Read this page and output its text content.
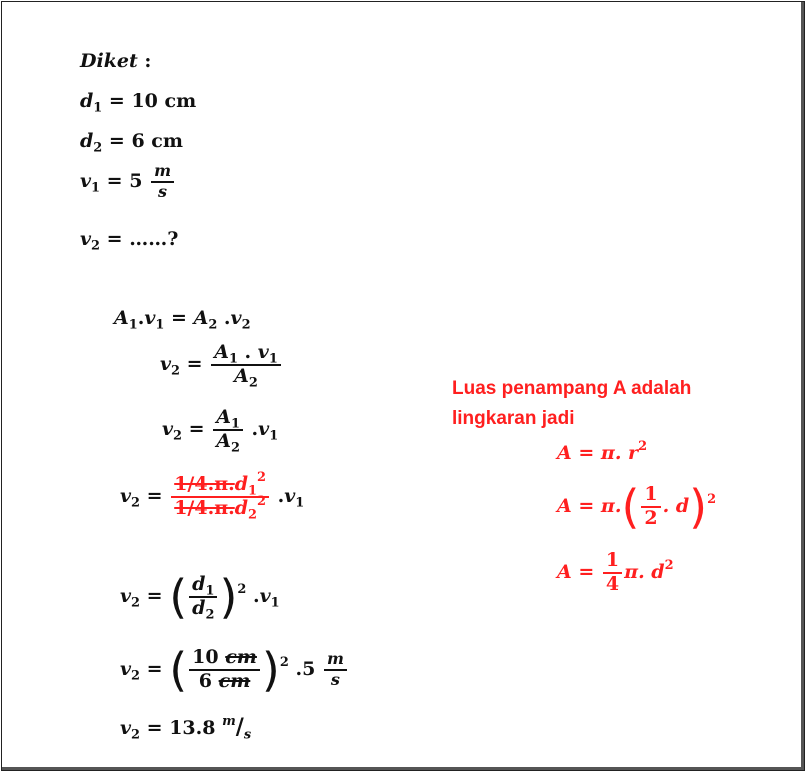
Diket :
$d_1 = 10$ cm
$d_2 = 6$ cm
$v_1 = 5 \frac{m}{s}$
$v_2$ = ……?
$A_1.v_1 = A_2$ $.v_2$
$v_2 = \frac{A_1 . v_1}{A_2}$
$v_2 = \frac{A_1}{A_2} .v_1$
$v_2 = \frac{1/4.\pi.d_1^2}{1/4.\pi.d_2^2} .v_1$
$v_2$ = ( $\frac{d_1}{d_2} )^2$ $.v_1$
$v_2$ = ( $\frac{10 cm}{6 cm} )^2$ $.5 \frac{m}{s}$
$v_2 = 13.8$ $^m/_s$
Luas penampang A adalah
lingkaran jadi
A = π. $r^2$
$A = \pi.( \frac{1}{2}$ . d)$^2$
$A = \frac{1}{4} \pi$. $d^2$
